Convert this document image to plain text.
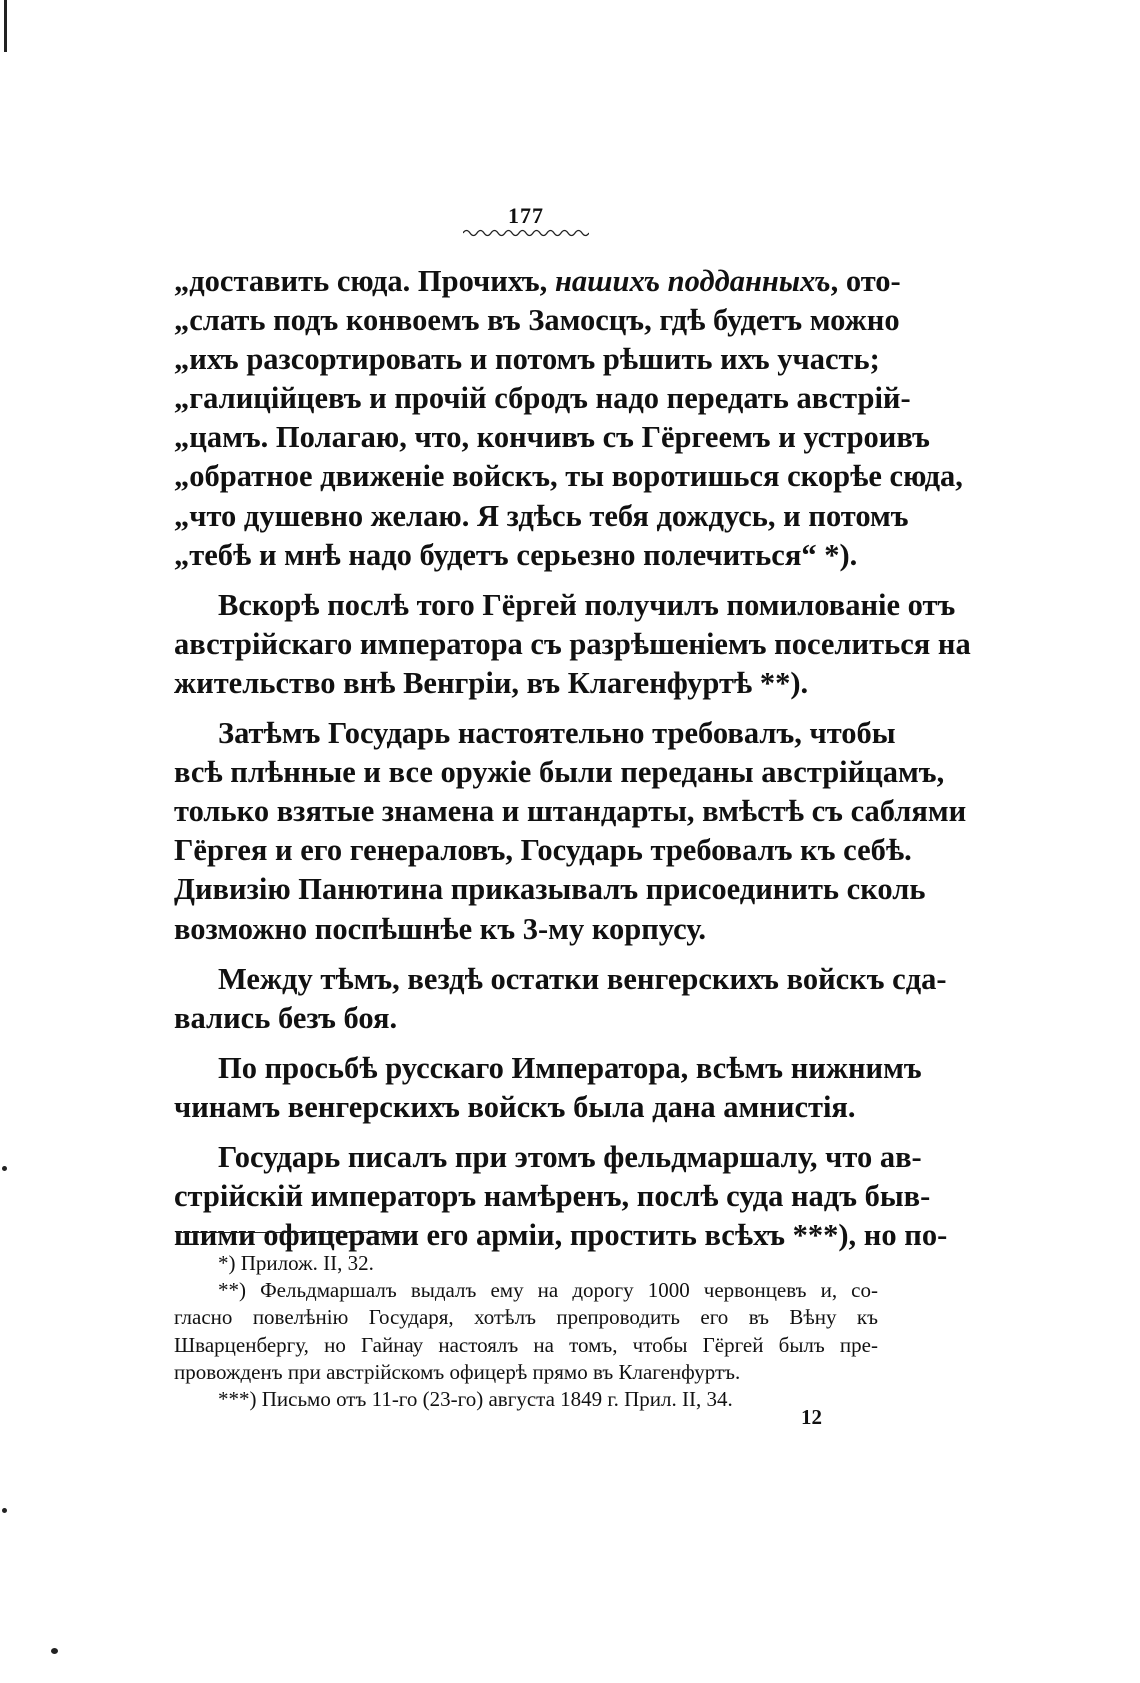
177
„доставить сюда. Прочихъ, нашихъ подданныхъ, ото-
„слать подъ конвоемъ въ Замосцъ, гдѣ будетъ можно
„ихъ разсортировать и потомъ рѣшить ихъ участь;
„галицiйцевъ и прочiй сбродъ надо передать австрiй-
„цамъ. Полагаю, что, кончивъ съ Гёргеемъ и устроивъ
„обратное движенiе войскъ, ты воротишься скорѣе сюда,
„что душевно желаю. Я здѣсь тебя дождусь, и потомъ
„тебѣ и мнѣ надо будетъ серьезно полечиться“ *).
Вскорѣ послѣ того Гёргей получилъ помилованiе отъ
австрiйскаго императора съ разрѣшенiемъ поселиться на
жительство внѣ Венгрiи, въ Клагенфуртѣ **).
Затѣмъ Государь настоятельно требовалъ, чтобы
всѣ плѣнные и все оружiе были переданы австрiйцамъ,
только взятые знамена и штандарты, вмѣстѣ съ саблями
Гёргея и его генераловъ, Государь требовалъ къ себѣ.
Дивизiю Панютина приказывалъ присоединить сколь
возможно поспѣшнѣе къ 3-му корпусу.
Между тѣмъ, вездѣ остатки венгерскихъ войскъ сда-
вались безъ боя.
По просьбѣ русскаго Императора, всѣмъ нижнимъ
чинамъ венгерскихъ войскъ была дана амнистiя.
Государь писалъ при этомъ фельдмаршалу, что ав-
стрiйскiй императоръ намѣренъ, послѣ суда надъ быв-
шими офицерами его армiи, простить всѣхъ ***), но по-
*) Прилож. II, 32.
**) Фельдмаршалъ выдалъ ему на дорогу 1000 червонцевъ и, со-
гласно повелѣнiю Государя, хотѣлъ препроводить его въ Вѣну къ
Шварценбергу, но Гайнау настоялъ на томъ, чтобы Гёргей былъ пре-
провожденъ при австрiйскомъ офицерѣ прямо въ Клагенфуртъ.
***) Письмо отъ 11-го (23-го) августа 1849 г. Прил. II, 34.
12
